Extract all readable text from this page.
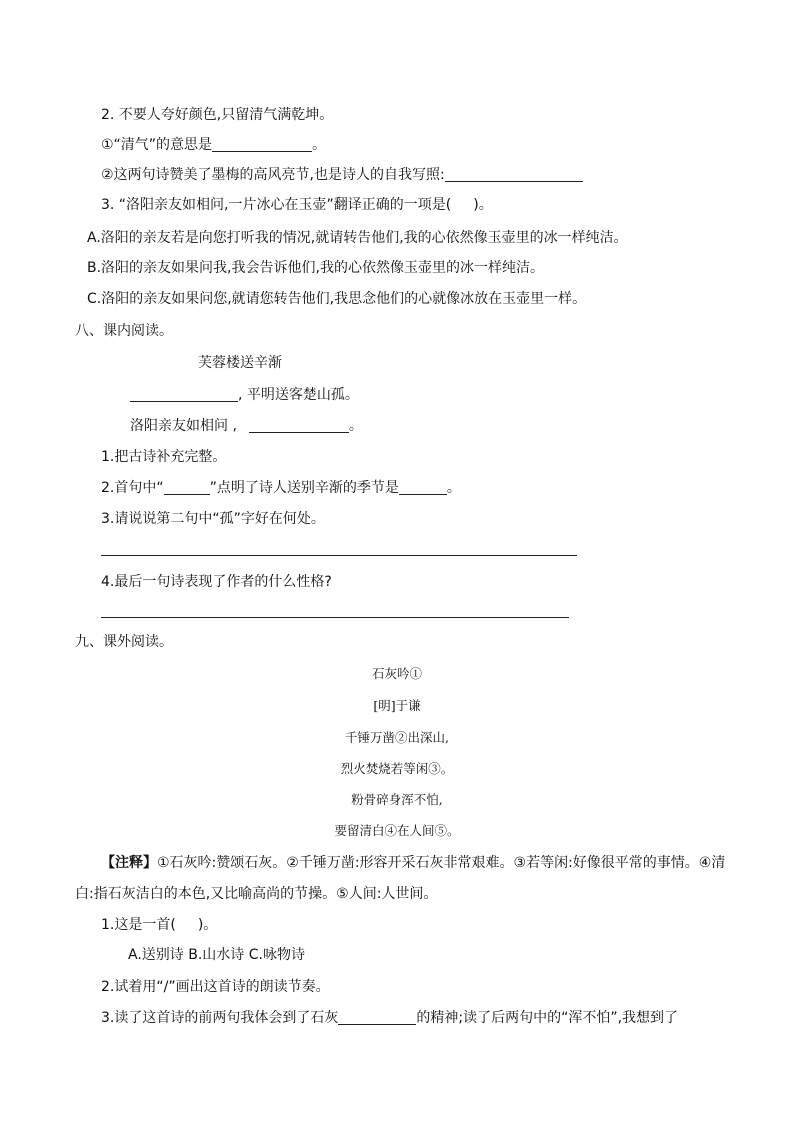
2. 不要人夸好颜色,只留清气满乾坤。
①“清气”的意思是	。
②这两句诗赞美了墨梅的高风亮节,也是诗人的自我写照:
3. “洛阳亲友如相问,一片冰心在玉壶”翻译正确的一项是( )。
A.洛阳的亲友若是向您打听我的情况,就请转告他们,我的心依然像玉壶里的冰一样纯洁。
B.洛阳的亲友如果问我,我会告诉他们,我的心依然像玉壶里的冰一样纯洁。
C.洛阳的亲友如果问您,就请您转告他们,我思念他们的心就像冰放在玉壶里一样。
八、课内阅读。
芙蓉楼送辛渐
, 平明送客楚山孤。
洛阳亲友如相问 ,	。
1.把古诗补充完整。
2.首句中“	”点明了诗人送别辛渐的季节是	。
3.请说说第二句中“孤”字好在何处。
4.最后一句诗表现了作者的什么性格?
九、课外阅读。
石灰吟①
[明]于谦
千锤万凿②出深山,
烈火焚烧若等闲③。
粉骨碎身浑不怕,
要留清白④在人间⑤。
【注释】①石灰吟:赞颂石灰。②千锤万凿:形容开采石灰非常艰难。③若等闲:好像很平常的事情。④清
白:指石灰洁白的本色,又比喻高尚的节操。⑤人间:人世间。
1.这是一首( )。
A.送别诗 B.山水诗 C.咏物诗
2.试着用“/”画出这首诗的朗读节奏。
3.读了这首诗的前两句我体会到了石灰	的精神;读了后两句中的“浑不怕”,我想到了
